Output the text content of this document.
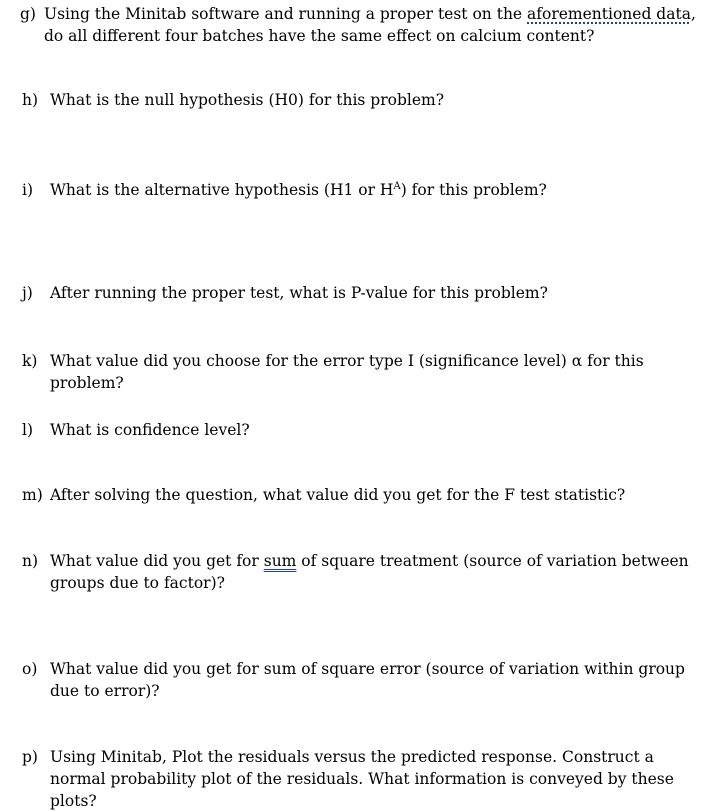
g) Using the Minitab software and running a proper test on the aforementioned data, do all different four batches have the same effect on calcium content?
h) What is the null hypothesis (H0) for this problem?
i) What is the alternative hypothesis (H1 or $H^A$) for this problem?
j) After running the proper test, what is P-value for this problem?
k) What value did you choose for the error type I (significance level) α for this problem?
l) What is confidence level?
m) After solving the question, what value did you get for the F test statistic?
n) What value did you get for sum of square treatment (source of variation between groups due to factor)?
o) What value did you get for sum of square error (source of variation within group due to error)?
p) Using Minitab, Plot the residuals versus the predicted response. Construct a normal probability plot of the residuals. What information is conveyed by these plots?
